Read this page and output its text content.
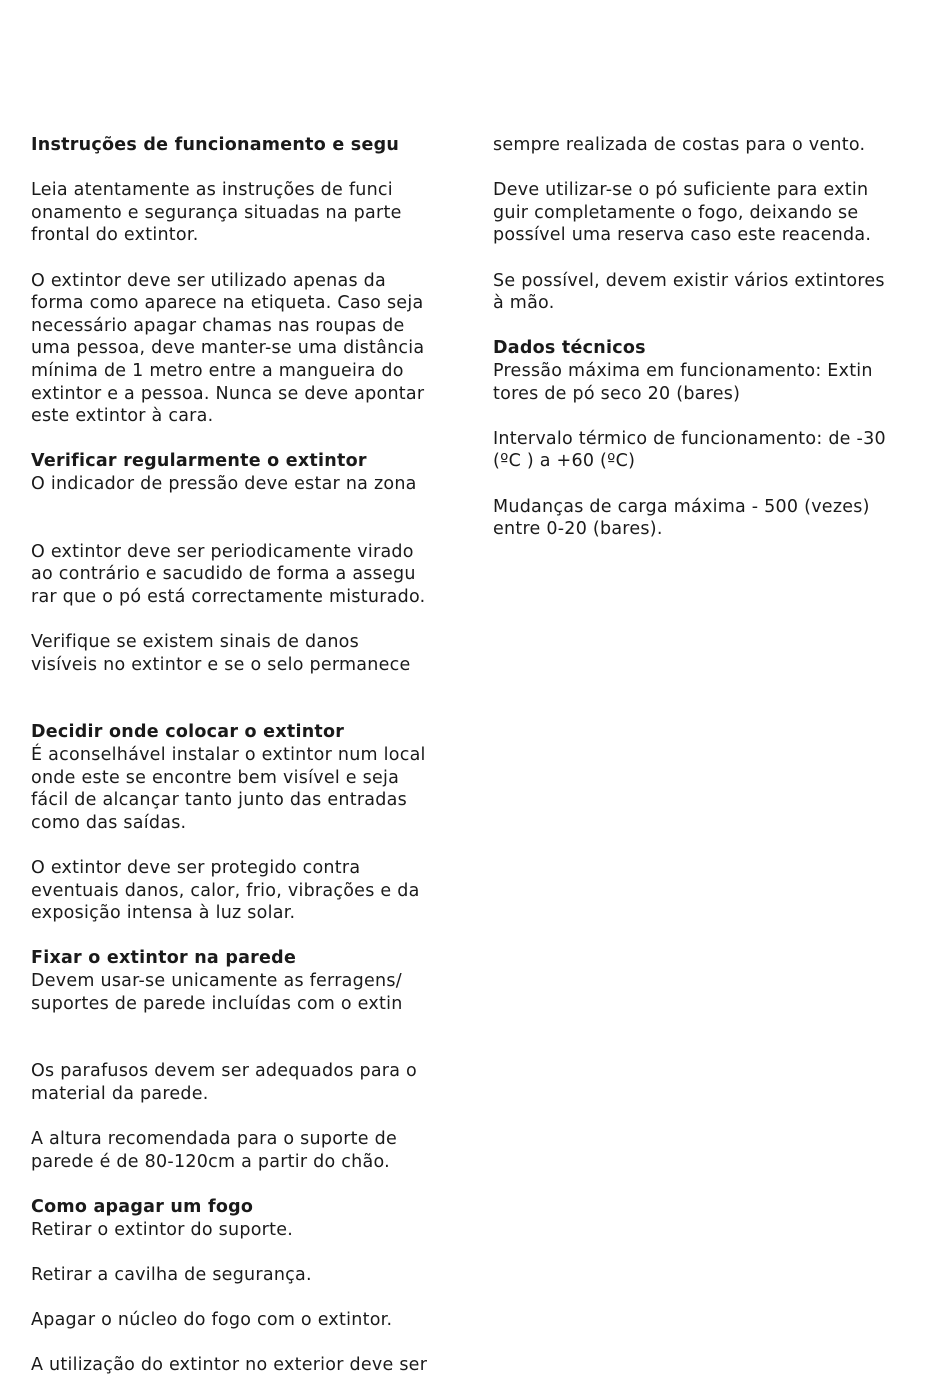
Instruções de funcionamento e segu
Leia atentamente as instruções de funci
onamento e segurança situadas na parte
frontal do extintor.
O extintor deve ser utilizado apenas da
forma como aparece na etiqueta. Caso seja
necessário apagar chamas nas roupas de
uma pessoa, deve manter-se uma distância
mínima de 1 metro entre a mangueira do
extintor e a pessoa. Nunca se deve apontar
este extintor à cara.
Verificar regularmente o extintor
O indicador de pressão deve estar na zona
O extintor deve ser periodicamente virado
ao contrário e sacudido de forma a assegu
rar que o pó está correctamente misturado.
Verifique se existem sinais de danos
visíveis no extintor e se o selo permanece
Decidir onde colocar o extintor
É aconselhável instalar o extintor num local
onde este se encontre bem visível e seja
fácil de alcançar tanto junto das entradas
como das saídas.
O extintor deve ser protegido contra
eventuais danos, calor, frio, vibrações e da
exposição intensa à luz solar.
Fixar o extintor na parede
Devem usar-se unicamente as ferragens/
suportes de parede incluídas com o extin
Os parafusos devem ser adequados para o
material da parede.
A altura recomendada para o suporte de
parede é de 80-120cm a partir do chão.
Como apagar um fogo
Retirar o extintor do suporte.
Retirar a cavilha de segurança.
Apagar o núcleo do fogo com o extintor.
A utilização do extintor no exterior deve ser
sempre realizada de costas para o vento.
Deve utilizar-se o pó suficiente para extin
guir completamente o fogo, deixando se
possível uma reserva caso este reacenda.
Se possível, devem existir vários extintores
à mão.
Dados técnicos
Pressão máxima em funcionamento: Extin
tores de pó seco 20 (bares)
Intervalo térmico de funcionamento: de -30
(ºC ) a +60 (ºC)
Mudanças de carga máxima - 500 (vezes)
entre 0-20 (bares).
